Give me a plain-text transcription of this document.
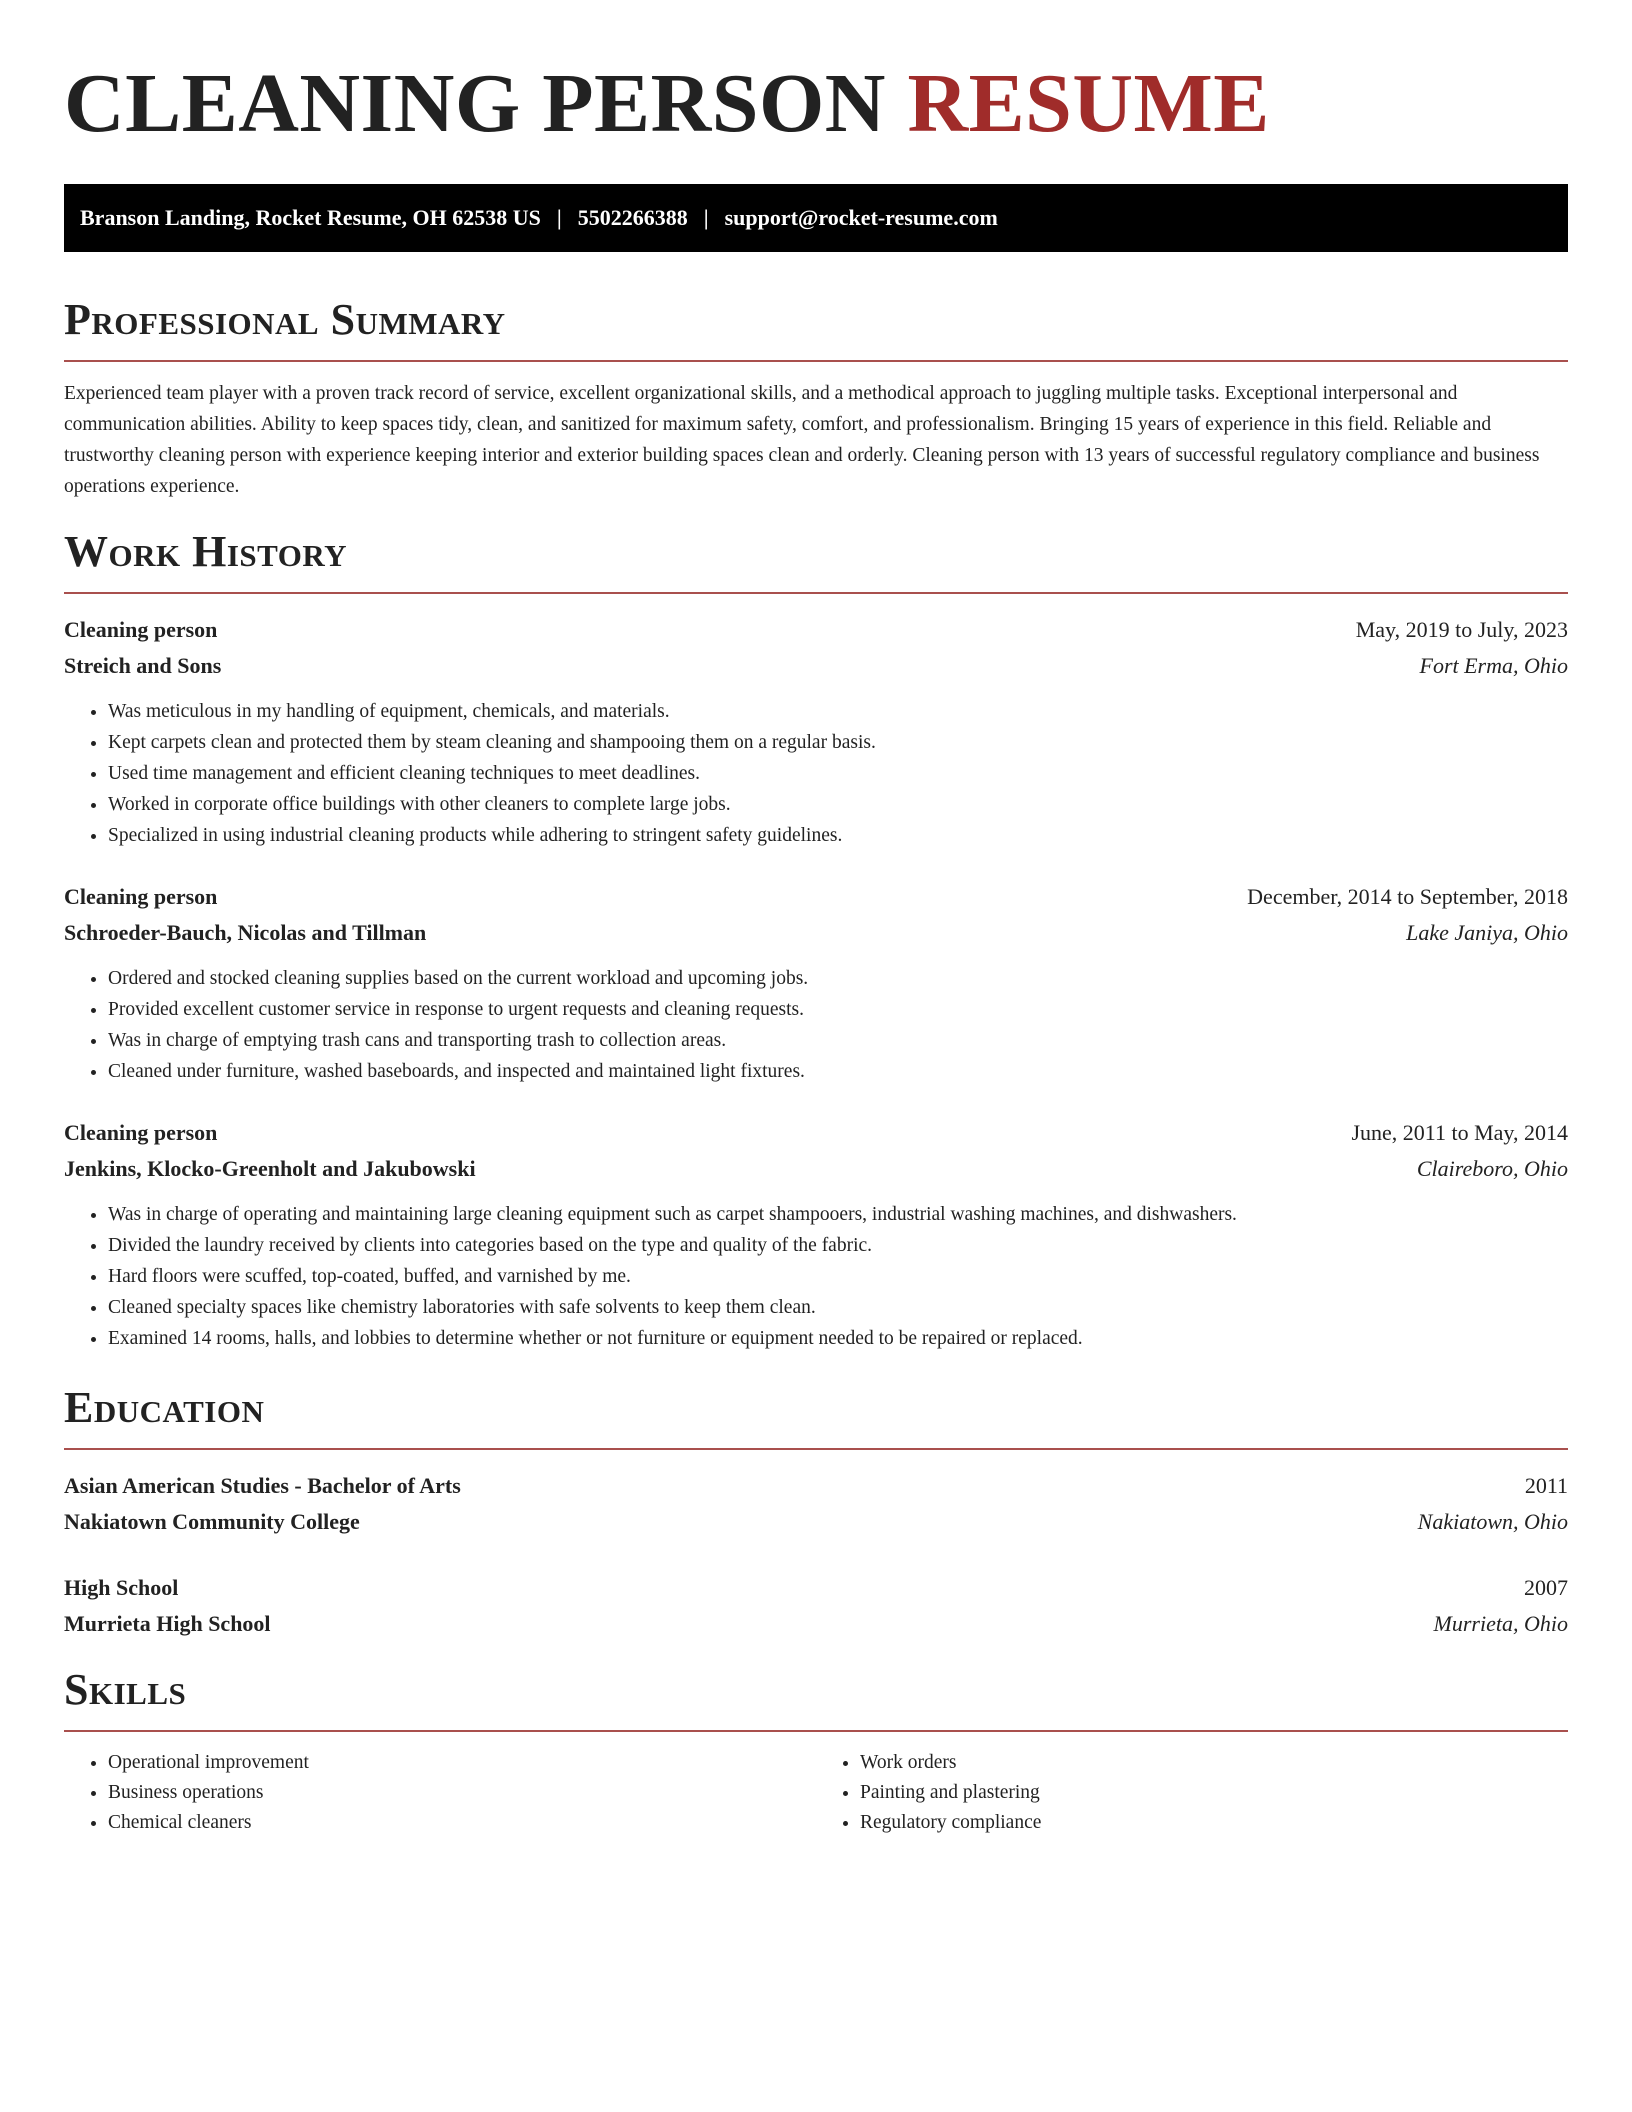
CLEANING PERSON RESUME
Branson Landing, Rocket Resume, OH 62538 US | 5502266388 | support@rocket-resume.com
Professional Summary

Experienced team player with a proven track record of service, excellent organizational skills, and a methodical approach to juggling multiple tasks. Exceptional interpersonal and communication abilities. Ability to keep spaces tidy, clean, and sanitized for maximum safety, comfort, and professionalism. Bringing 15 years of experience in this field. Reliable and trustworthy cleaning person with experience keeping interior and exterior building spaces clean and orderly. Cleaning person with 13 years of successful regulatory compliance and business operations experience.

Work History
Cleaning person	May, 2019 to July, 2023
Streich and Sons	Fort Erma, Ohio
• Was meticulous in my handling of equipment, chemicals, and materials.
• Kept carpets clean and protected them by steam cleaning and shampooing them on a regular basis.
• Used time management and efficient cleaning techniques to meet deadlines.
• Worked in corporate office buildings with other cleaners to complete large jobs.
• Specialized in using industrial cleaning products while adhering to stringent safety guidelines.
Cleaning person	December, 2014 to September, 2018
Schroeder-Bauch, Nicolas and Tillman	Lake Janiya, Ohio
• Ordered and stocked cleaning supplies based on the current workload and upcoming jobs.
• Provided excellent customer service in response to urgent requests and cleaning requests.
• Was in charge of emptying trash cans and transporting trash to collection areas.
• Cleaned under furniture, washed baseboards, and inspected and maintained light fixtures.
Cleaning person	June, 2011 to May, 2014
Jenkins, Klocko-Greenholt and Jakubowski	Claireboro, Ohio
• Was in charge of operating and maintaining large cleaning equipment such as carpet shampooers, industrial washing machines, and dishwashers.
• Divided the laundry received by clients into categories based on the type and quality of the fabric.
• Hard floors were scuffed, top-coated, buffed, and varnished by me.
• Cleaned specialty spaces like chemistry laboratories with safe solvents to keep them clean.
• Examined 14 rooms, halls, and lobbies to determine whether or not furniture or equipment needed to be repaired or replaced.
Education
Asian American Studies - Bachelor of Arts	2011
Nakiatown Community College	Nakiatown, Ohio
High School	2007
Murrieta High School	Murrieta, Ohio
Skills
• Operational improvement
• Business operations
• Chemical cleaners
• Work orders
• Painting and plastering
• Regulatory compliance
